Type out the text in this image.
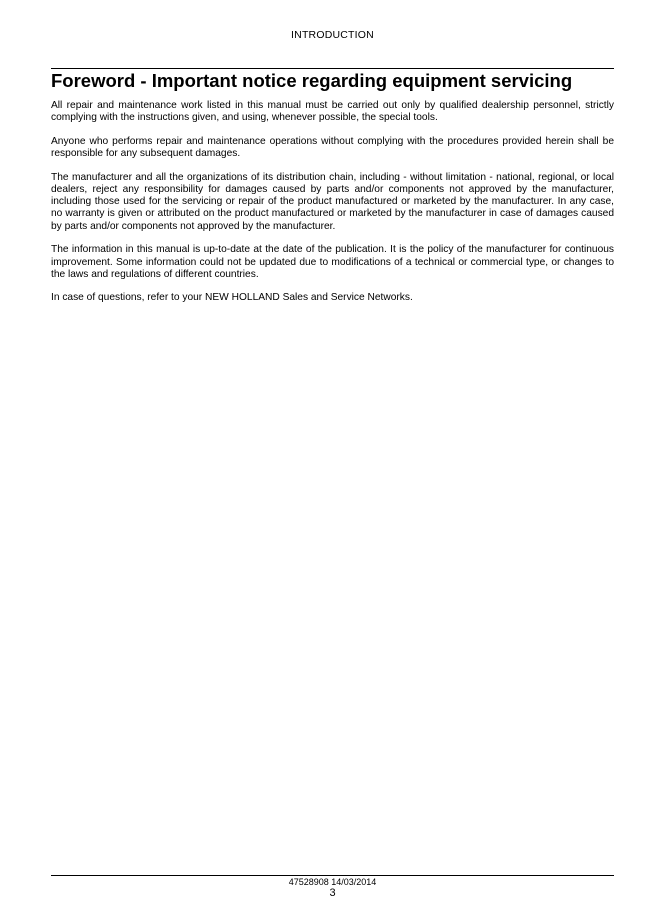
INTRODUCTION
Foreword - Important notice regarding equipment servicing

All repair and maintenance work listed in this manual must be carried out only by qualified dealership personnel, strictly complying with the instructions given, and using, whenever possible, the special tools.

Anyone who performs repair and maintenance operations without complying with the procedures provided herein shall be responsible for any subsequent damages.

The manufacturer and all the organizations of its distribution chain, including - without limitation - national, regional, or local dealers, reject any responsibility for damages caused by parts and/or components not approved by the manufacturer, including those used for the servicing or repair of the product manufactured or marketed by the manufacturer. In any case, no warranty is given or attributed on the product manufactured or marketed by the manufacturer in case of damages caused by parts and/or components not approved by the manufacturer.

The information in this manual is up-to-date at the date of the publication. It is the policy of the manufacturer for continuous improvement. Some information could not be updated due to modifications of a technical or commercial type, or changes to the laws and regulations of different countries.

In case of questions, refer to your NEW HOLLAND Sales and Service Networks.

47528908 14/03/2014
3
